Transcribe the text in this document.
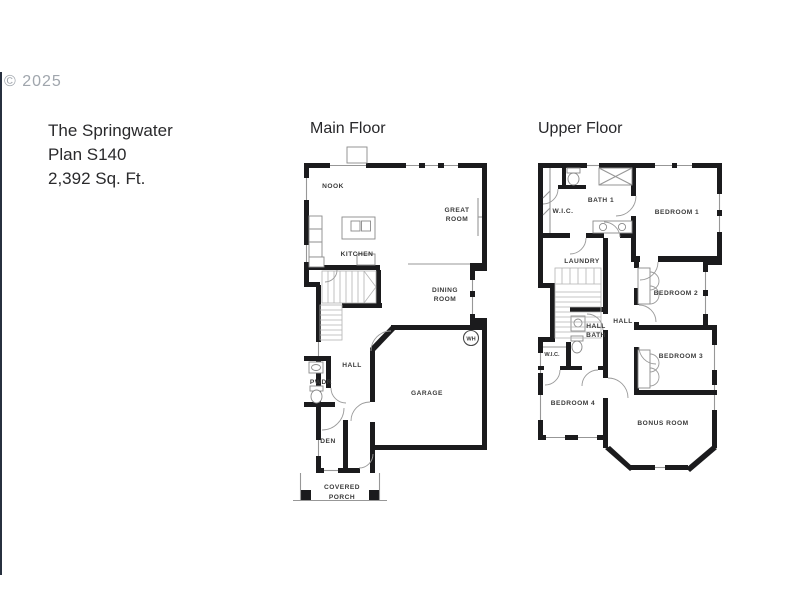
© 2025
The Springwater
Plan S140
2,392 Sq. Ft.
Main Floor	Upper Floor
NOOK
GREAT
ROOM
KITCHEN
DINING
ROOM
WH
HALL
PWDR
GARAGE
DEN
COVERED
PORCH
W.I.C.
BATH 1
BEDROOM 1
LAUNDRY
BEDROOM 2
HALL
HALL
BATH
W.I.C.	BEDROOM 3
BEDROOM 4
BONUS ROOM
